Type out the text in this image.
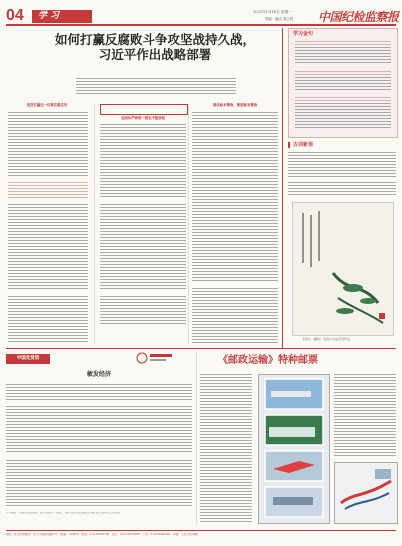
04	学 习	2025年1月18日 星期一
责编：潘志 周立明 中国纪检监察报
如何打赢反腐败斗争攻坚战持久战，
习近平作出战略部署
坚决打赢这一仗要走稳走好
全面从严治党一刻也不能放松
深化标本兼治，推进标本兼治
学习金句
古训新语
节选自《廉政》诗选与书法系列作品
中国先贤语
敏发经济
——摘自《中国纪检监察报》以及中国共产党第二十届中央纪律检查委员会第四次全体会议上的讲话
《邮政运输》特种邮票
地址：北京市西城区广安门外南滨河路22号　邮编：100055　电话：010-59595330　发行：010-59595888　广告：010-59595999　印刷：人民日报印刷厂
